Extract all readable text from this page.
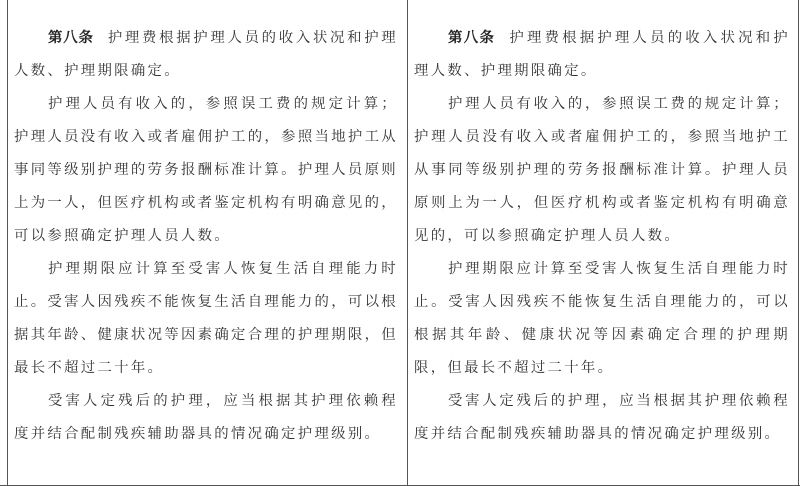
第八条 护理费根据护理人员的收入状况和护理人数、护理期限确定。

护理人员有收入的，参照误工费的规定计算；护理人员没有收入或者雇佣护工的，参照当地护工从事同等级别护理的劳务报酬标准计算。护理人员原则上为一人，但医疗机构或者鉴定机构有明确意见的，可以参照确定护理人员人数。

护理期限应计算至受害人恢复生活自理能力时止。受害人因残疾不能恢复生活自理能力的，可以根据其年龄、健康状况等因素确定合理的护理期限，但最长不超过二十年。

受害人定残后的护理，应当根据其护理依赖程度并结合配制残疾辅助器具的情况确定护理级别。

第八条 护理费根据护理人员的收入状况和护理人数、护理期限确定。

护理人员有收入的，参照误工费的规定计算；护理人员没有收入或者雇佣护工的，参照当地护工从事同等级别护理的劳务报酬标准计算。护理人员原则上为一人，但医疗机构或者鉴定机构有明确意见的，可以参照确定护理人员人数。

护理期限应计算至受害人恢复生活自理能力时止。受害人因残疾不能恢复生活自理能力的，可以根据其年龄、健康状况等因素确定合理的护理期限，但最长不超过二十年。

受害人定残后的护理，应当根据其护理依赖程度并结合配制残疾辅助器具的情况确定护理级别。
